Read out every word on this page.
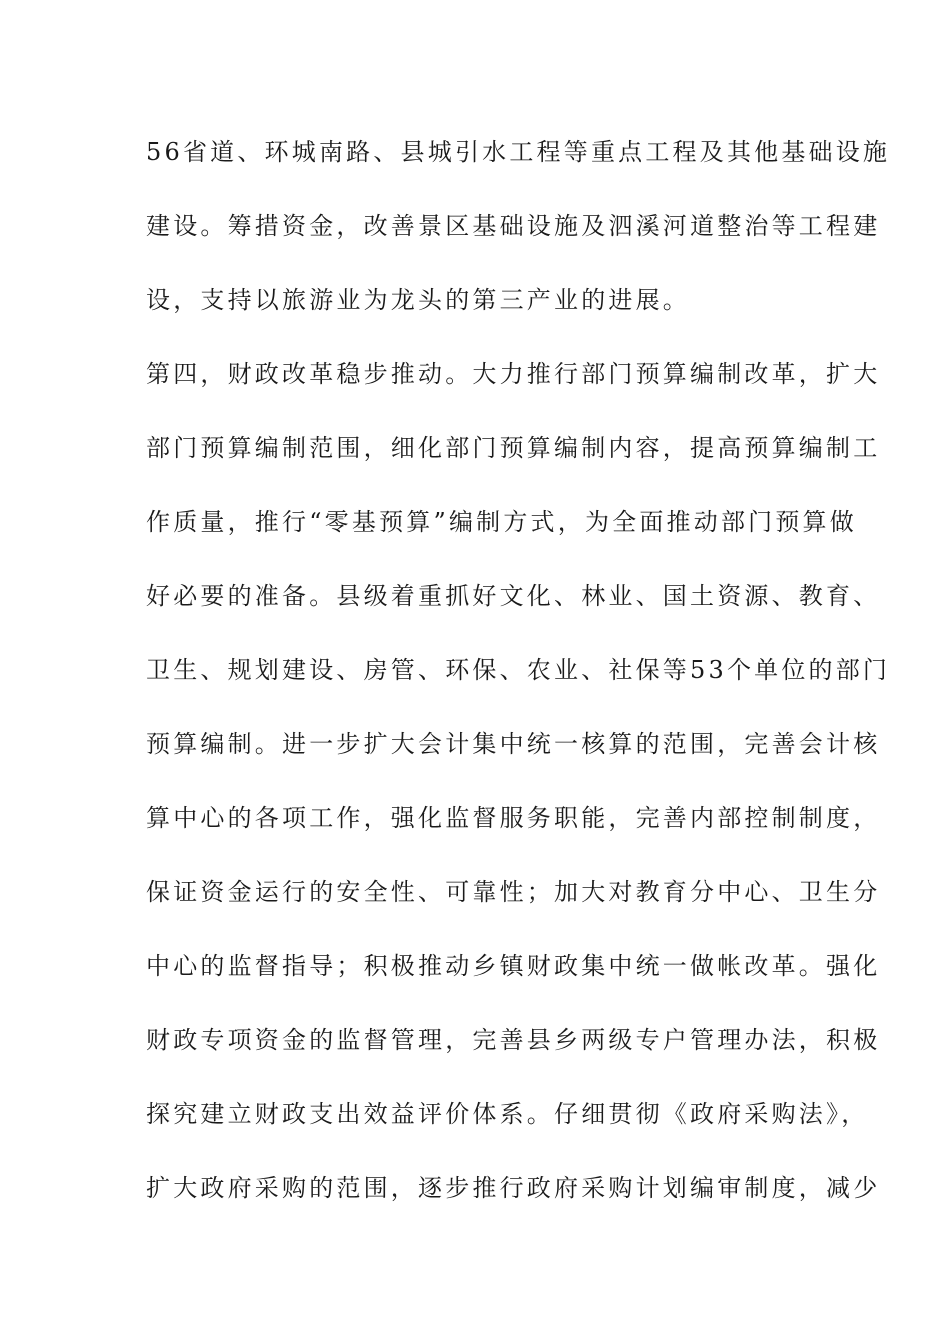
56省道、环城南路、县城引水工程等重点工程及其他基础设施
建设。筹措资金，改善景区基础设施及泗溪河道整治等工程建
设，支持以旅游业为龙头的第三产业的进展。
第四，财政改革稳步推动。大力推行部门预算编制改革，扩大
部门预算编制范围，细化部门预算编制内容，提高预算编制工
作质量，推行“零基预算”编制方式，为全面推动部门预算做
好必要的准备。县级着重抓好文化、林业、国土资源、教育、
卫生、规划建设、房管、环保、农业、社保等53个单位的部门
预算编制。进一步扩大会计集中统一核算的范围，完善会计核
算中心的各项工作，强化监督服务职能，完善内部控制制度，
保证资金运行的安全性、可靠性；加大对教育分中心、卫生分
中心的监督指导；积极推动乡镇财政集中统一做帐改革。强化
财政专项资金的监督管理，完善县乡两级专户管理办法，积极
探究建立财政支出效益评价体系。仔细贯彻《政府采购法》，
扩大政府采购的范围，逐步推行政府采购计划编审制度，减少
